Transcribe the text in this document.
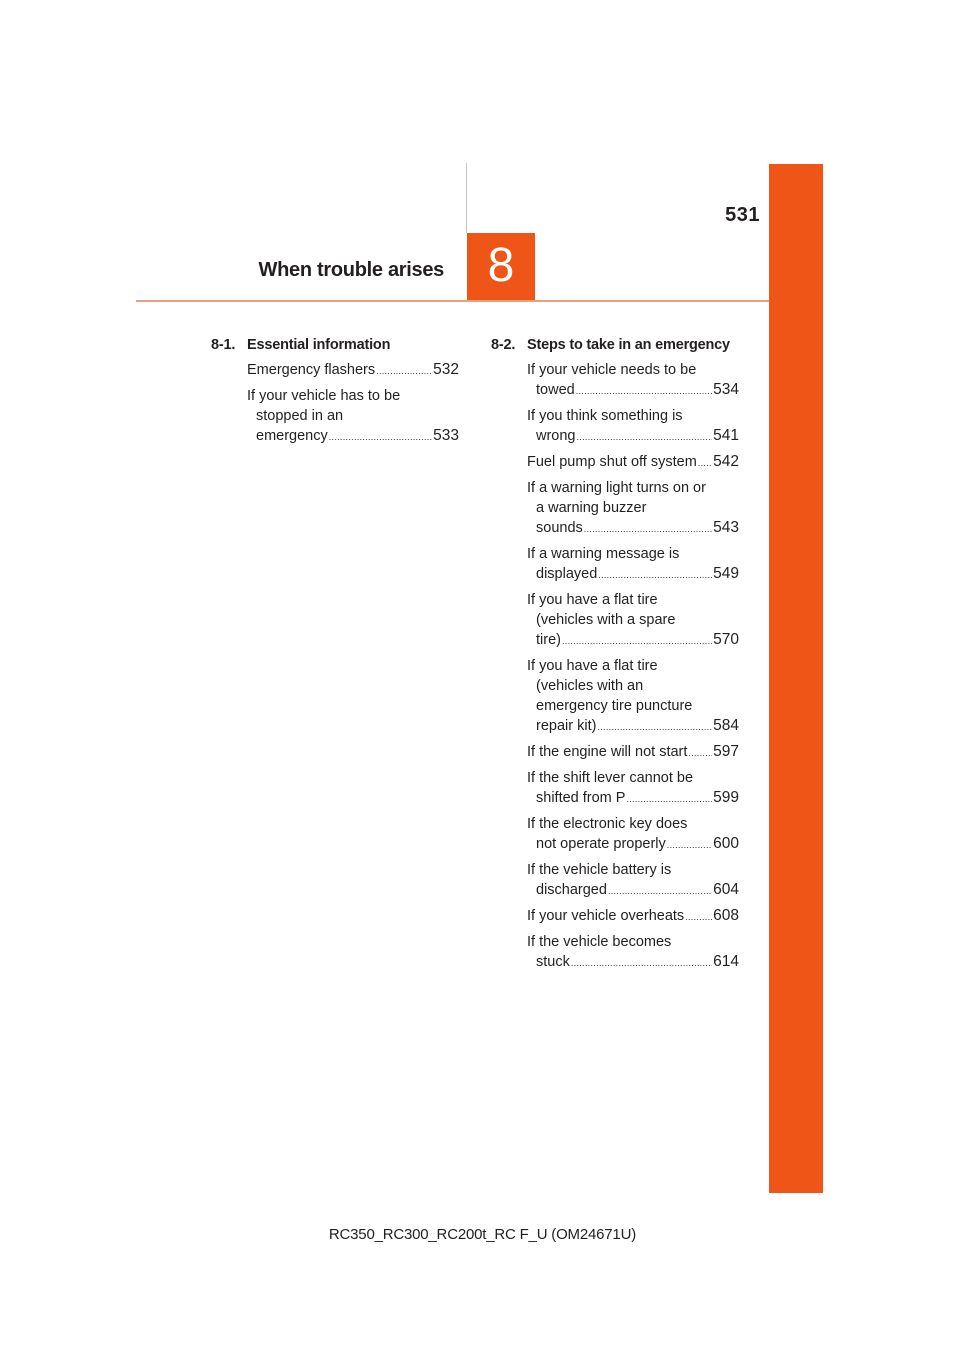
531
When trouble arises 8
8-1. Essential information
Emergency flashers .....	532
If your vehicle has to be
stopped in an
emergency .....	533
8-2. Steps to take in an emergency
If your vehicle needs to be
towed .....	534
If you think something is
wrong .....	541
Fuel pump shut off system ..... 542
If a warning light turns on or
a warning buzzer
sounds .....	543
If a warning message is
displayed .....	549
If you have a flat tire
(vehicles with a spare
tire) .....	570
If you have a flat tire
(vehicles with an
emergency tire puncture
repair kit) .....	584
If the engine will not start ..... 597
If the shift lever cannot be
shifted from P .....	599
If the electronic key does
not operate properly .....	600
If the vehicle battery is
discharged .....	604
If your vehicle overheats ..... 608
If the vehicle becomes
stuck .....	614
RC350_RC300_RC200t_RC F_U (OM24671U)
